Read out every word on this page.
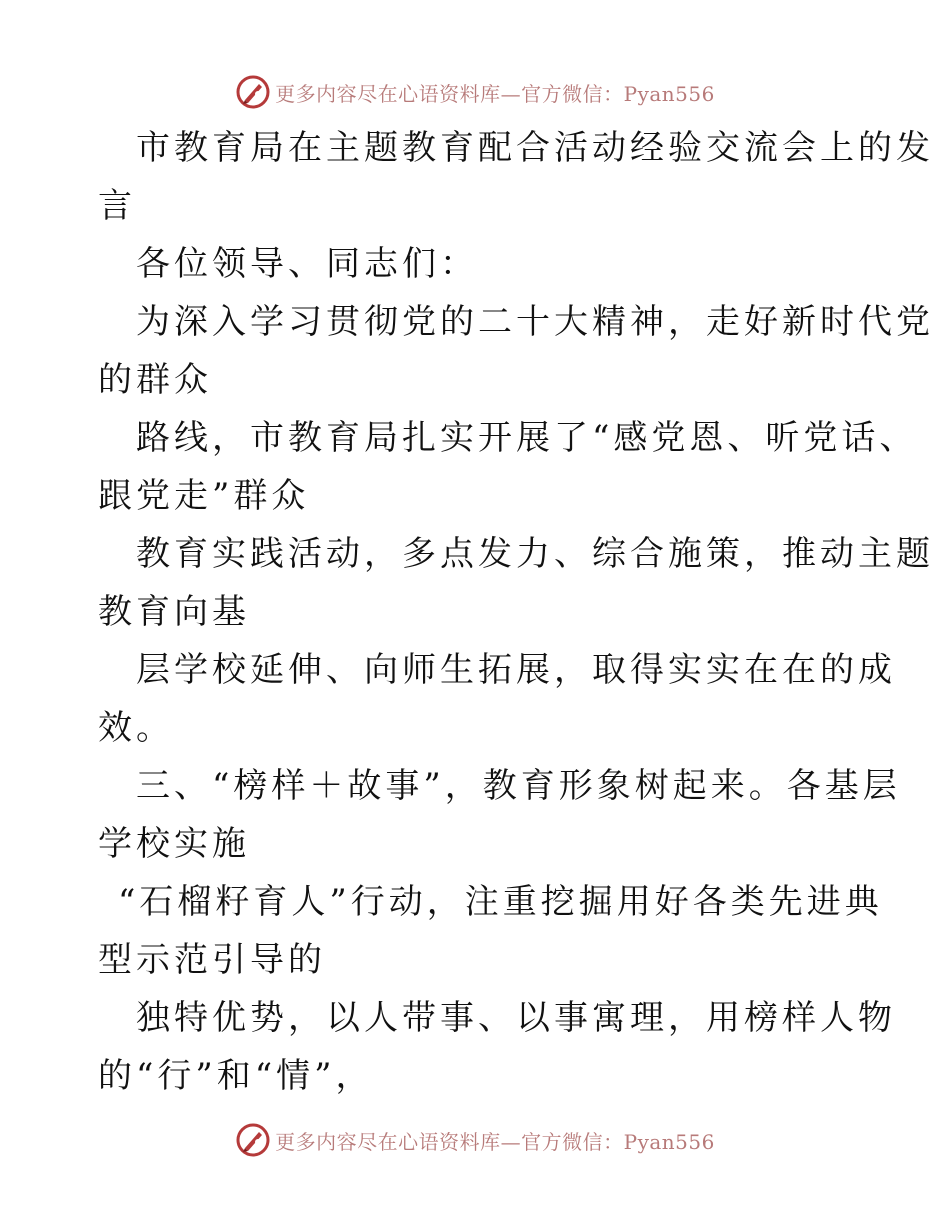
更多内容尽在心语资料库—官方微信：Pyan556
市教育局在主题教育配合活动经验交流会上的发
言
各位领导、同志们：
为深入学习贯彻党的二十大精神，走好新时代党
的群众
路线，市教育局扎实开展了“感党恩、听党话、
跟党走”群众
教育实践活动，多点发力、综合施策，推动主题
教育向基
层学校延伸、向师生拓展，取得实实在在的成
效。
三、“榜样＋故事”，教育形象树起来。各基层
学校实施
“石榴籽育人”行动，注重挖掘用好各类先进典
型示范引导的
独特优势，以人带事、以事寓理，用榜样人物
的“行”和“情”，
更多内容尽在心语资料库—官方微信：Pyan556
